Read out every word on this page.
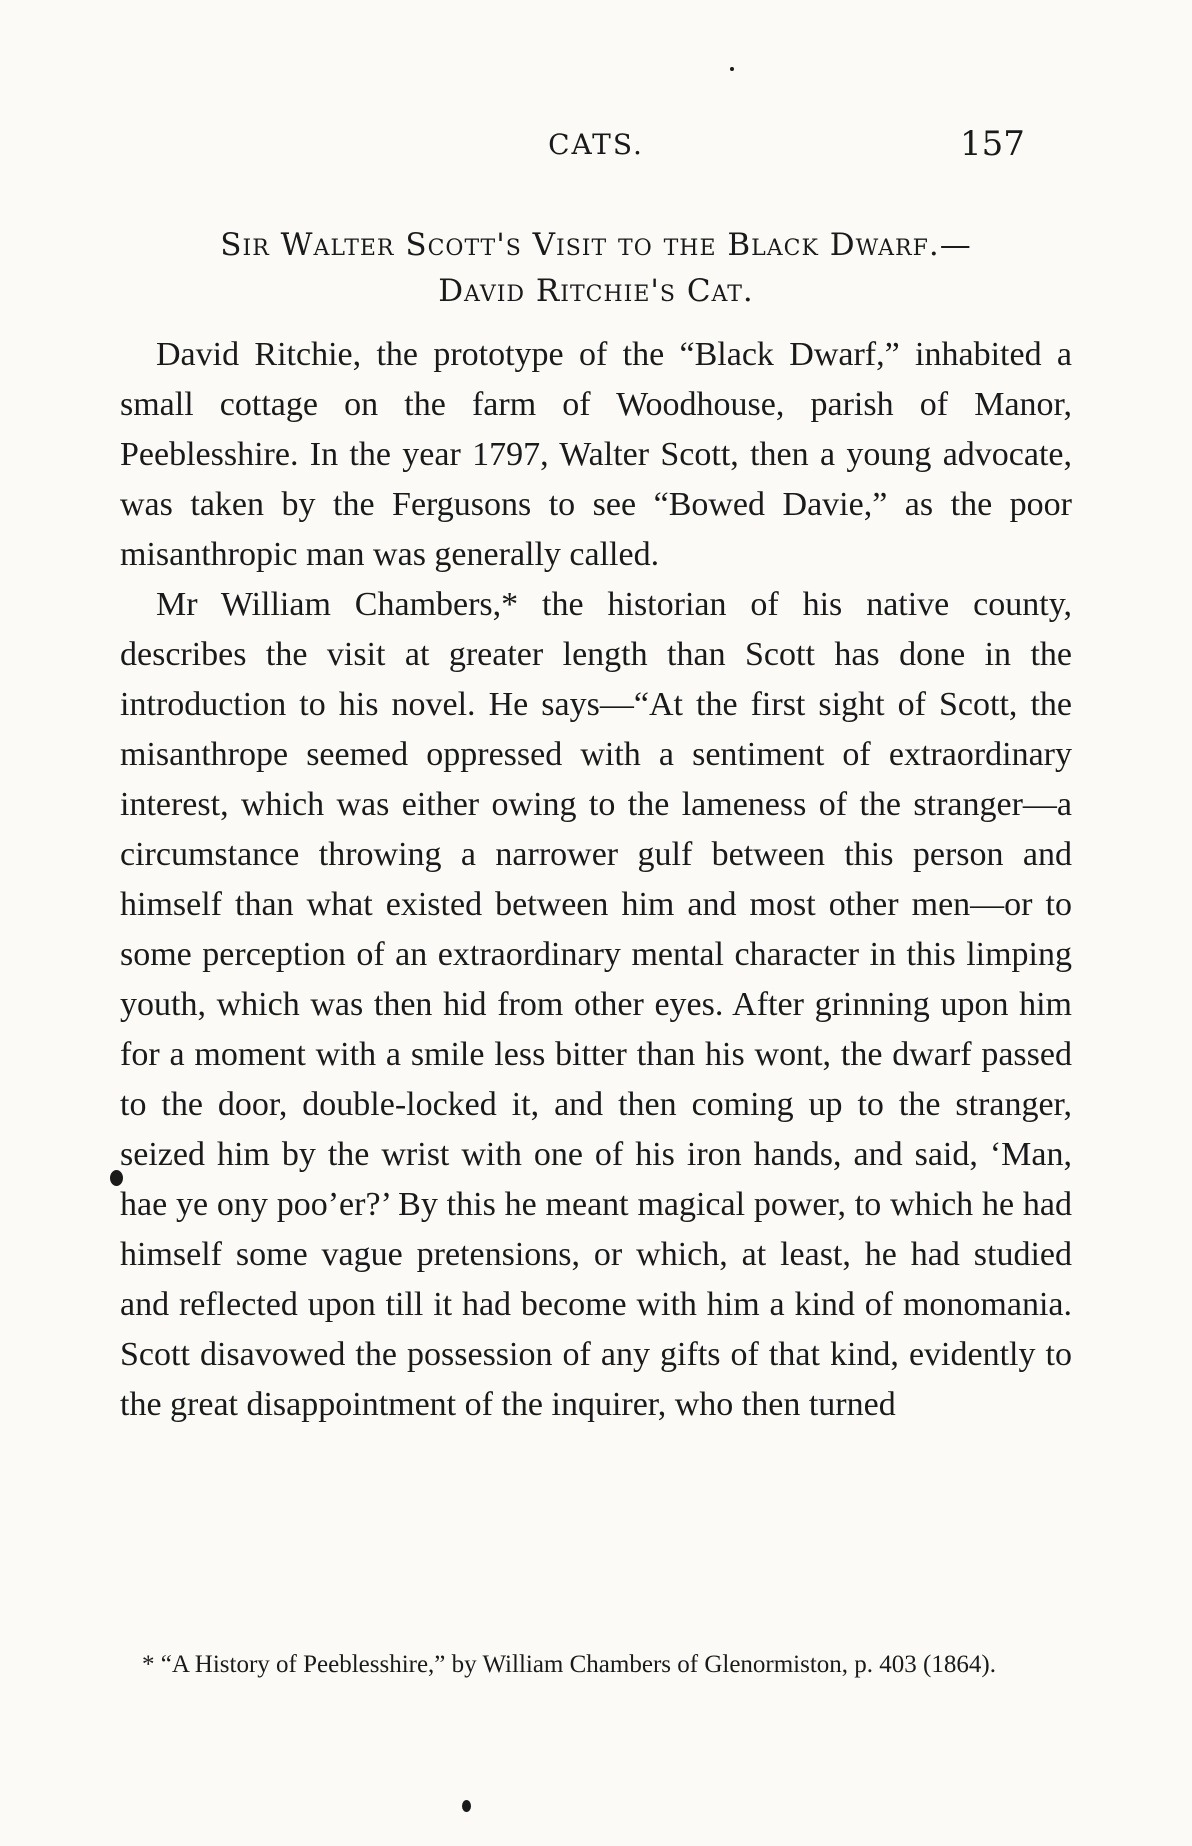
CATS.	157
Sir Walter Scott's Visit to the Black Dwarf.—
David Ritchie's Cat.

David Ritchie, the prototype of the “Black Dwarf,” inhabited a small cottage on the farm of Woodhouse, parish of Manor, Peeblesshire. In the year 1797, Walter Scott, then a young advocate, was taken by the Fergusons to see “Bowed Davie,” as the poor misanthropic man was generally called.

Mr William Chambers,* the historian of his native county, describes the visit at greater length than Scott has done in the introduction to his novel. He says—“At the first sight of Scott, the misanthrope seemed oppressed with a sentiment of extraordinary interest, which was either owing to the lameness of the stranger—a circumstance throwing a narrower gulf between this person and himself than what existed between him and most other men—or to some perception of an extraordinary mental character in this limping youth, which was then hid from other eyes. After grinning upon him for a moment with a smile less bitter than his wont, the dwarf passed to the door, double-locked it, and then coming up to the stranger, seized him by the wrist with one of his iron hands, and said, ‘Man, hae ye ony poo’er?’ By this he meant magical power, to which he had himself some vague pretensions, or which, at least, he had studied and reflected upon till it had become with him a kind of monomania. Scott disavowed the possession of any gifts of that kind, evidently to the great disappointment of the inquirer, who then turned

* “A History of Peeblesshire,” by William Chambers of Glenormiston, p. 403 (1864).
